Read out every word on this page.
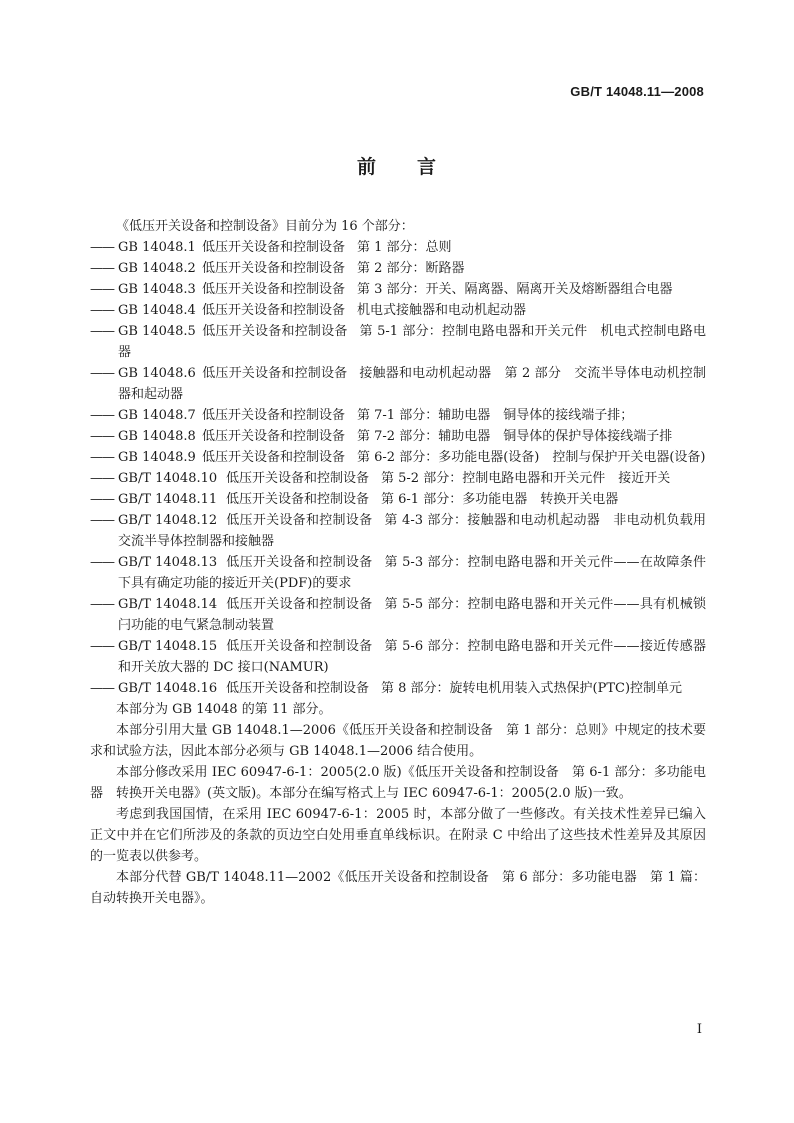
GB/T 14048.11—2008
前 言

《低压开关设备和控制设备》目前分为 16 个部分：

—— GB 14048.1 低压开关设备和控制设备 第 1 部分：总则
—— GB 14048.2 低压开关设备和控制设备 第 2 部分：断路器
—— GB 14048.3 低压开关设备和控制设备 第 3 部分：开关、隔离器、隔离开关及熔断器组合电器
—— GB 14048.4 低压开关设备和控制设备 机电式接触器和电动机起动器
—— GB 14048.5 低压开关设备和控制设备 第 5-1 部分：控制电路电器和开关元件　机电式控制电路电器
—— GB 14048.6 低压开关设备和控制设备 接触器和电动机起动器　第 2 部分　交流半导体电动机控制器和起动器
—— GB 14048.7 低压开关设备和控制设备 第 7-1 部分：辅助电器　铜导体的接线端子排；
—— GB 14048.8 低压开关设备和控制设备 第 7-2 部分：辅助电器　铜导体的保护导体接线端子排
—— GB 14048.9 低压开关设备和控制设备 第 6-2 部分：多功能电器(设备)　控制与保护开关电器(设备)
—— GB/T 14048.10 低压开关设备和控制设备 第 5-2 部分：控制电路电器和开关元件　接近开关
—— GB/T 14048.11 低压开关设备和控制设备 第 6-1 部分：多功能电器　转换开关电器
—— GB/T 14048.12 低压开关设备和控制设备 第 4-3 部分：接触器和电动机起动器　非电动机负载用交流半导体控制器和接触器
—— GB/T 14048.13 低压开关设备和控制设备 第 5-3 部分：控制电路电器和开关元件——在故障条件下具有确定功能的接近开关(PDF)的要求
—— GB/T 14048.14 低压开关设备和控制设备 第 5-5 部分：控制电路电器和开关元件——具有机械锁闩功能的电气紧急制动装置
—— GB/T 14048.15 低压开关设备和控制设备 第 5-6 部分：控制电路电器和开关元件——接近传感器和开关放大器的 DC 接口(NAMUR)
—— GB/T 14048.16 低压开关设备和控制设备 第 8 部分：旋转电机用装入式热保护(PTC)控制单元

本部分为 GB 14048 的第 11 部分。

本部分引用大量 GB 14048.1—2006《低压开关设备和控制设备　第 1 部分：总则》中规定的技术要求和试验方法，因此本部分必须与 GB 14048.1—2006 结合使用。

本部分修改采用 IEC 60947-6-1：2005(2.0 版)《低压开关设备和控制设备　第 6-1 部分：多功能电器　转换开关电器》(英文版)。本部分在编写格式上与 IEC 60947-6-1：2005(2.0 版)一致。

考虑到我国国情，在采用 IEC 60947-6-1：2005 时，本部分做了一些修改。有关技术性差异已编入正文中并在它们所涉及的条款的页边空白处用垂直单线标识。在附录 C 中给出了这些技术性差异及其原因的一览表以供参考。

本部分代替 GB/T 14048.11—2002《低压开关设备和控制设备　第 6 部分：多功能电器　第 1 篇：自动转换开关电器》。

I
